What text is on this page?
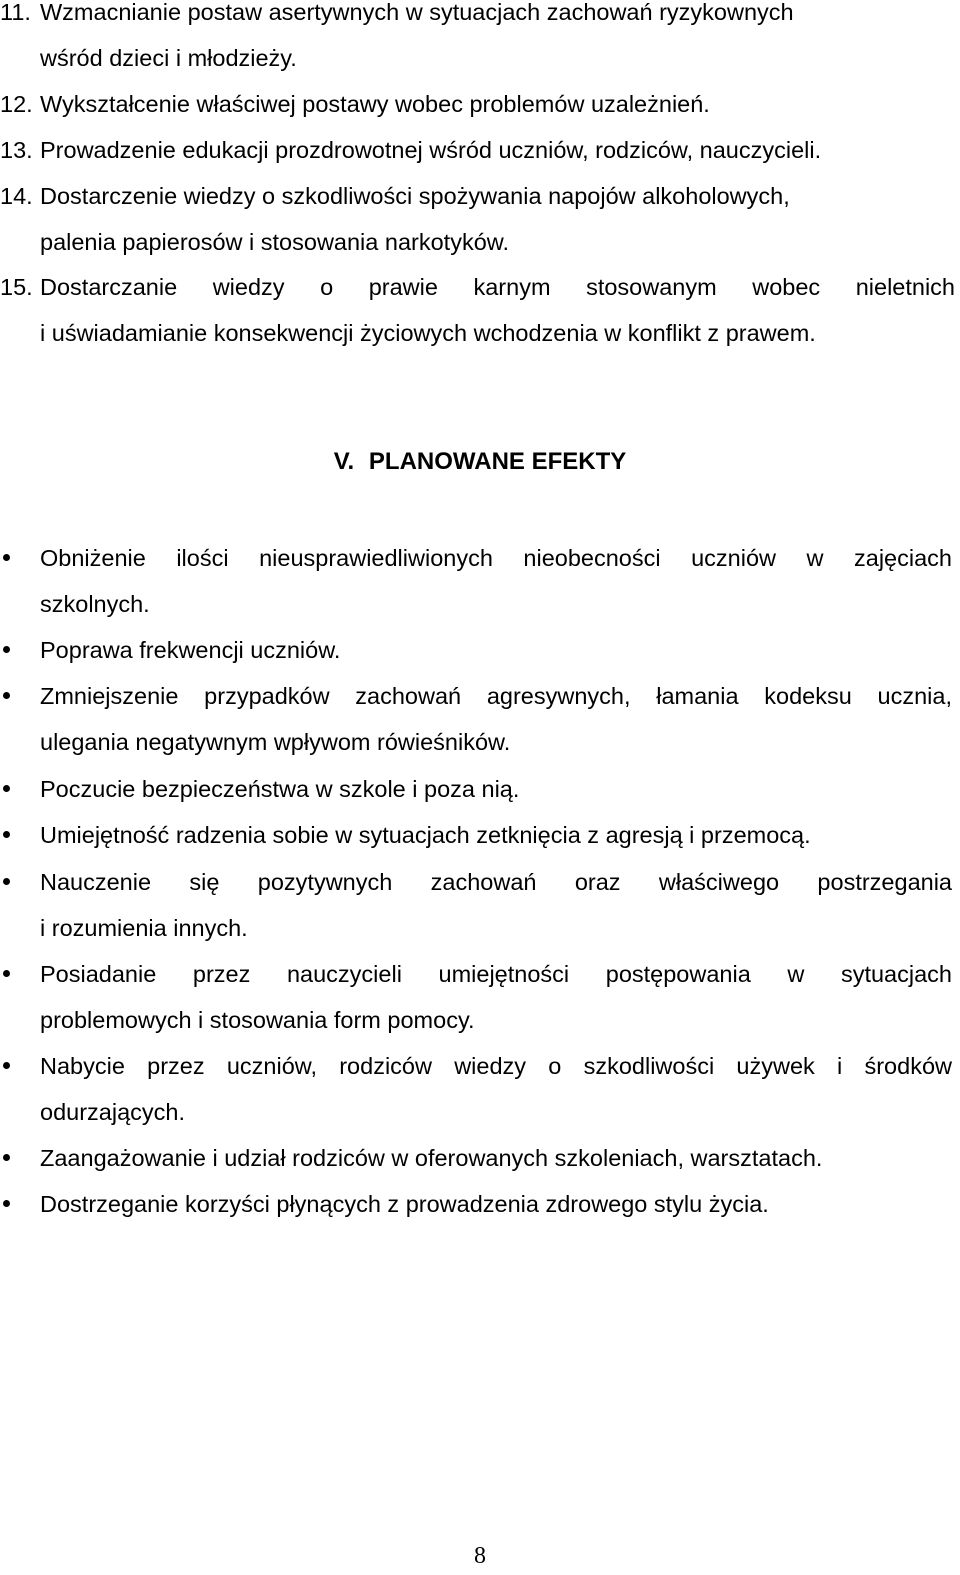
11. Wzmacnianie postaw asertywnych w sytuacjach zachowań ryzykownych
wśród dzieci i młodzieży.
12. Wykształcenie właściwej postawy wobec problemów uzależnień.
13. Prowadzenie edukacji prozdrowotnej wśród uczniów, rodziców, nauczycieli.
14. Dostarczenie wiedzy o szkodliwości spożywania napojów alkoholowych,
palenia papierosów i stosowania narkotyków.
15. Dostarczanie wiedzy o prawie karnym stosowanym wobec nieletnich
i uświadamianie konsekwencji życiowych wchodzenia w konflikt z prawem.
V. PLANOWANE EFEKTY
Obniżenie ilości nieusprawiedliwionych nieobecności uczniów w zajęciach
szkolnych.
Poprawa frekwencji uczniów.
Zmniejszenie przypadków zachowań agresywnych, łamania kodeksu ucznia,
ulegania negatywnym wpływom rówieśników.
Poczucie bezpieczeństwa w szkole i poza nią.
Umiejętność radzenia sobie w sytuacjach zetknięcia z agresją i przemocą.
Nauczenie się pozytywnych zachowań oraz właściwego postrzegania
i rozumienia innych.
Posiadanie przez nauczycieli umiejętności postępowania w sytuacjach
problemowych i stosowania form pomocy.
Nabycie przez uczniów, rodziców wiedzy o szkodliwości używek i środków
odurzających.
Zaangażowanie i udział rodziców w oferowanych szkoleniach, warsztatach.
Dostrzeganie korzyści płynących z prowadzenia zdrowego stylu życia.
8
